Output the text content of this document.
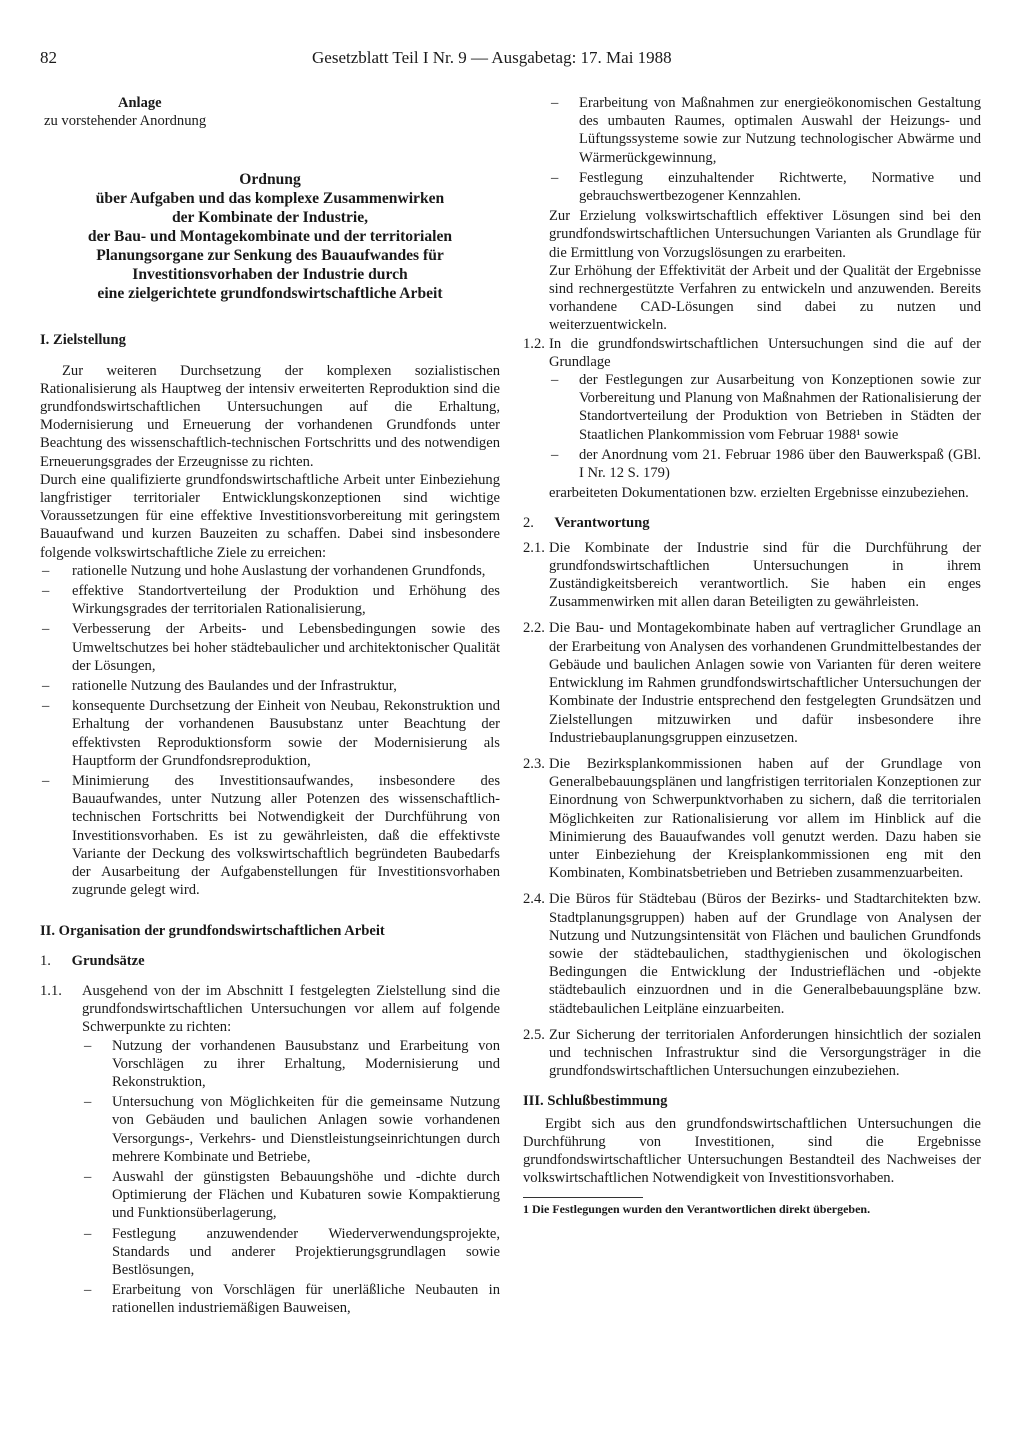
82	Gesetzblatt Teil I Nr. 9 — Ausgabetag: 17. Mai 1988

Anlage

zu vorstehender Anordnung

Ordnung
über Aufgaben und das komplexe Zusammenwirken
der Kombinate der Industrie,
der Bau- und Montagekombinate und der territorialen
Planungsorgane zur Senkung des Bauaufwandes für
Investitionsvorhaben der Industrie durch
eine zielgerichtete grundfondswirtschaftliche Arbeit

I. Zielstellung

Zur weiteren Durchsetzung der komplexen sozialistischen Rationalisierung als Hauptweg der intensiv erweiterten Reproduktion sind die grundfondswirtschaftlichen Untersuchungen auf die Erhaltung, Modernisierung und Erneuerung der vorhandenen Grundfonds unter Beachtung des wissenschaftlich-technischen Fortschritts und des notwendigen Erneuerungsgrades der Erzeugnisse zu richten.

Durch eine qualifizierte grundfondswirtschaftliche Arbeit unter Einbeziehung langfristiger territorialer Entwicklungskonzeptionen sind wichtige Voraussetzungen für eine effektive Investitionsvorbereitung mit geringstem Bauaufwand und kurzen Bauzeiten zu schaffen. Dabei sind insbesondere folgende volkswirtschaftliche Ziele zu erreichen:

– rationelle Nutzung und hohe Auslastung der vorhandenen Grundfonds,
– effektive Standortverteilung der Produktion und Erhöhung des Wirkungsgrades der territorialen Rationalisierung,
– Verbesserung der Arbeits- und Lebensbedingungen sowie des Umweltschutzes bei hoher städtebaulicher und architektonischer Qualität der Lösungen,
– rationelle Nutzung des Baulandes und der Infrastruktur,
– konsequente Durchsetzung der Einheit von Neubau, Rekonstruktion und Erhaltung der vorhandenen Bausubstanz unter Beachtung der effektivsten Reproduktionsform sowie der Modernisierung als Hauptform der Grundfondsreproduktion,
– Minimierung des Investitionsaufwandes, insbesondere des Bauaufwandes, unter Nutzung aller Potenzen des wissenschaftlich-technischen Fortschritts bei Notwendigkeit der Durchführung von Investitionsvorhaben. Es ist zu gewährleisten, daß die effektivste Variante der Deckung des volkswirtschaftlich begründeten Baubedarfs der Ausarbeitung der Aufgabenstellungen für Investitionsvorhaben zugrunde gelegt wird.

II. Organisation der grundfondswirtschaftlichen Arbeit

1. Grundsätze

1.1. Ausgehend von der im Abschnitt I festgelegten Zielstellung sind die grundfondswirtschaftlichen Untersuchungen vor allem auf folgende Schwerpunkte zu richten:

– Nutzung der vorhandenen Bausubstanz und Erarbeitung von Vorschlägen zu ihrer Erhaltung, Modernisierung und Rekonstruktion,
– Untersuchung von Möglichkeiten für die gemeinsame Nutzung von Gebäuden und baulichen Anlagen sowie vorhandenen Versorgungs-, Verkehrs- und Dienstleistungseinrichtungen durch mehrere Kombinate und Betriebe,
– Auswahl der günstigsten Bebauungshöhe und -dichte durch Optimierung der Flächen und Kubaturen sowie Kompaktierung und Funktionsüberlagerung,
– Festlegung anzuwendender Wiederverwendungsprojekte, Standards und anderer Projektierungsgrundlagen sowie Bestlösungen,
– Erarbeitung von Vorschlägen für unerläßliche Neubauten in rationellen industriemäßigen Bauweisen,
– Erarbeitung von Maßnahmen zur energieökonomischen Gestaltung des umbauten Raumes, optimalen Auswahl der Heizungs- und Lüftungssysteme sowie zur Nutzung technologischer Abwärme und Wärmerückgewinnung,
– Festlegung einzuhaltender Richtwerte, Normative und gebrauchswertbezogener Kennzahlen.

Zur Erzielung volkswirtschaftlich effektiver Lösungen sind bei den grundfondswirtschaftlichen Untersuchungen Varianten als Grundlage für die Ermittlung von Vorzugslösungen zu erarbeiten.

Zur Erhöhung der Effektivität der Arbeit und der Qualität der Ergebnisse sind rechnergestützte Verfahren zu entwickeln und anzuwenden. Bereits vorhandene CAD-Lösungen sind dabei zu nutzen und weiterzuentwickeln.

1.2. In die grundfondswirtschaftlichen Untersuchungen sind die auf der Grundlage

– der Festlegungen zur Ausarbeitung von Konzeptionen sowie zur Vorbereitung und Planung von Maßnahmen der Rationalisierung der Standortverteilung der Produktion von Betrieben in Städten der Staatlichen Plankommission vom Februar 1988¹ sowie
– der Anordnung vom 21. Februar 1986 über den Bauwerkspaß (GBl. I Nr. 12 S. 179)

erarbeiteten Dokumentationen bzw. erzielten Ergebnisse einzubeziehen.

2. Verantwortung

2.1. Die Kombinate der Industrie sind für die Durchführung der grundfondswirtschaftlichen Untersuchungen in ihrem Zuständigkeitsbereich verantwortlich. Sie haben ein enges Zusammenwirken mit allen daran Beteiligten zu gewährleisten.

2.2. Die Bau- und Montagekombinate haben auf vertraglicher Grundlage an der Erarbeitung von Analysen des vorhandenen Grundmittelbestandes der Gebäude und baulichen Anlagen sowie von Varianten für deren weitere Entwicklung im Rahmen grundfondswirtschaftlicher Untersuchungen der Kombinate der Industrie entsprechend den festgelegten Grundsätzen und Zielstellungen mitzuwirken und dafür insbesondere ihre Industriebauplanungsgruppen einzusetzen.

2.3. Die Bezirksplankommissionen haben auf der Grundlage von Generalbebauungsplänen und langfristigen territorialen Konzeptionen zur Einordnung von Schwerpunktvorhaben zu sichern, daß die territorialen Möglichkeiten zur Rationalisierung vor allem im Hinblick auf die Minimierung des Bauaufwandes voll genutzt werden. Dazu haben sie unter Einbeziehung der Kreisplankommissionen eng mit den Kombinaten, Kombinatsbetrieben und Betrieben zusammenzuarbeiten.

2.4. Die Büros für Städtebau (Büros der Bezirks- und Stadtarchitekten bzw. Stadtplanungsgruppen) haben auf der Grundlage von Analysen der Nutzung und Nutzungsintensität von Flächen und baulichen Grundfonds sowie der städtebaulichen, stadthygienischen und ökologischen Bedingungen die Entwicklung der Industrieflächen und -objekte städtebaulich einzuordnen und in die Generalbebauungspläne bzw. städtebaulichen Leitpläne einzuarbeiten.

2.5. Zur Sicherung der territorialen Anforderungen hinsichtlich der sozialen und technischen Infrastruktur sind die Versorgungsträger in die grundfondswirtschaftlichen Untersuchungen einzubeziehen.

III. Schlußbestimmung

Ergibt sich aus den grundfondswirtschaftlichen Untersuchungen die Durchführung von Investitionen, sind die Ergebnisse grundfondswirtschaftlicher Untersuchungen Bestandteil des Nachweises der volkswirtschaftlichen Notwendigkeit von Investitionsvorhaben.

1 Die Festlegungen wurden den Verantwortlichen direkt übergeben.
